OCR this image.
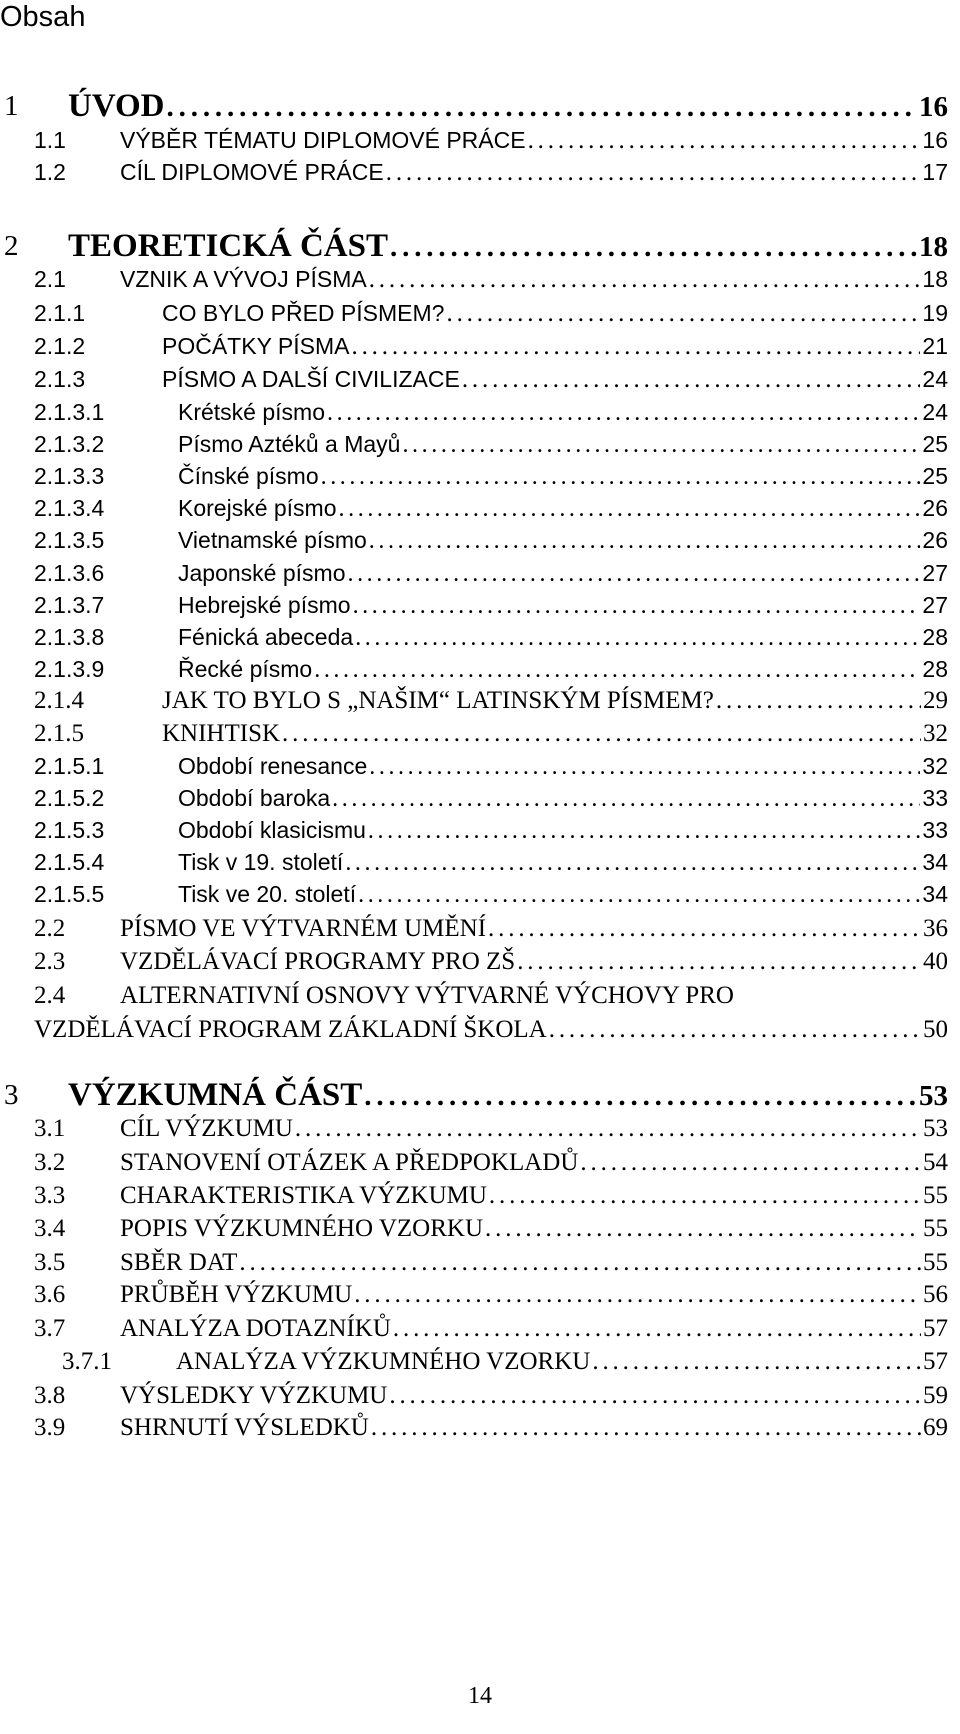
Obsah
1 ÚVOD . . .	16
1.1 VÝBĚR TÉMATU DIPLOMOVÉ PRÁCE . . .	16
1.2 CÍL DIPLOMOVÉ PRÁCE . . .	17
2 TEORETICKÁ ČÁST . . .	18
2.1 VZNIK A VÝVOJ PÍSMA . . .	18
2.1.1	CO BYLO PŘED PÍSMEM? . . .	19
2.1.2	POČÁTKY PÍSMA . . .	21
2.1.3	PÍSMO A DALŠÍ CIVILIZACE . . .	24
2.1.3.1	Krétské písmo . . .	24
2.1.3.2	Písmo Aztéků a Mayů . . .	25
2.1.3.3	Čínské písmo . . .	25
2.1.3.4	Korejské písmo . . .	26
2.1.3.5	Vietnamské písmo . . .	26
2.1.3.6	Japonské písmo . . .	27
2.1.3.7	Hebrejské písmo . . .	27
2.1.3.8	Fénická abeceda . . .	28
2.1.3.9	Řecké písmo . . .	28
2.1.4	JAK TO BYLO S „NAŠIM“ LATINSKÝM PÍSMEM? . . .	29
2.1.5	KNIHTISK . . .	32
2.1.5.1	Období renesance . . .	32
2.1.5.2	Období baroka . . .	33
2.1.5.3	Období klasicismu . . .	33
2.1.5.4	Tisk v 19. století . . .	34
2.1.5.5	Tisk ve 20. století . . .	34
2.2 PÍSMO VE VÝTVARNÉM UMĚNÍ . . .	36
2.3 VZDĚLÁVACÍ PROGRAMY PRO ZŠ . . .	40
2.4 ALTERNATIVNÍ OSNOVY VÝTVARNÉ VÝCHOVY PRO
VZDĚLÁVACÍ PROGRAM ZÁKLADNÍ ŠKOLA . . .	50
3 VÝZKUMNÁ ČÁST . . .	53
3.1 CÍL VÝZKUMU . . .	53
3.2 STANOVENÍ OTÁZEK A PŘEDPOKLADŮ . . .	54
3.3 CHARAKTERISTIKA VÝZKUMU . . .	55
3.4 POPIS VÝZKUMNÉHO VZORKU . . .	55
3.5 SBĚR DAT . . .	55
3.6 PRŮBĚH VÝZKUMU . . .	56
3.7 ANALÝZA DOTAZNÍKŮ . . .	57
3.7.1	ANALÝZA VÝZKUMNÉHO VZORKU . . .	57
3.8 VÝSLEDKY VÝZKUMU . . .	59
3.9 SHRNUTÍ VÝSLEDKŮ . . .	69
14
